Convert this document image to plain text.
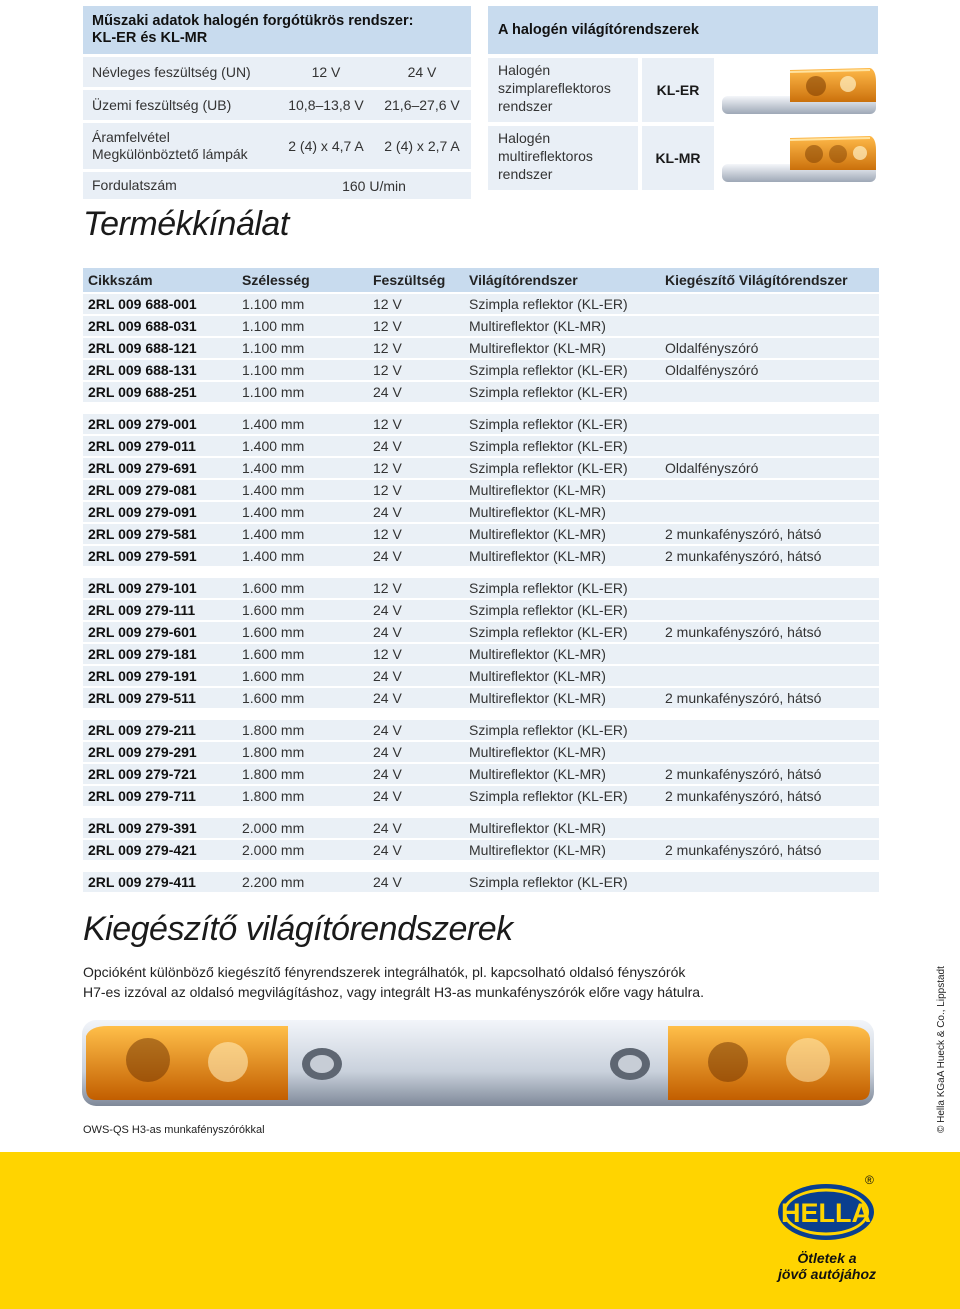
Műszaki adatok halogén forgótükrös rendszer:
KL-ER és KL-MR
Névleges feszültség (UN)	12 V	24 V
Üzemi feszültség (UB)	10,8–13,8 V	21,6–27,6 V
Áramfelvétel
Megkülönböztető lámpák	2 (4) x 4,7 A	2 (4) x 2,7 A
Fordulatszám	160 U/min
A halogén világítórendszerek
Halogén
szimplareflektoros
rendszer
KL-ER
Halogén
multireflektoros
rendszer
KL-MR
Termékkínálat
Cikkszám	Szélesség	Feszültség	Világítórendszer	Kiegészítő Világítórendszer
2RL 009 688-001	1.100 mm	12 V	Szimpla reflektor (KL-ER)
2RL 009 688-031	1.100 mm	12 V	Multireflektor (KL-MR)
2RL 009 688-121	1.100 mm	12 V	Multireflektor (KL-MR)	Oldalfényszóró
2RL 009 688-131	1.100 mm	12 V	Szimpla reflektor (KL-ER)	Oldalfényszóró
2RL 009 688-251	1.100 mm	24 V	Szimpla reflektor (KL-ER)
2RL 009 279-001	1.400 mm	12 V	Szimpla reflektor (KL-ER)
2RL 009 279-011	1.400 mm	24 V	Szimpla reflektor (KL-ER)
2RL 009 279-691	1.400 mm	12 V	Szimpla reflektor (KL-ER)	Oldalfényszóró
2RL 009 279-081	1.400 mm	12 V	Multireflektor (KL-MR)
2RL 009 279-091	1.400 mm	24 V	Multireflektor (KL-MR)
2RL 009 279-581	1.400 mm	12 V	Multireflektor (KL-MR)	2 munkafényszóró, hátsó
2RL 009 279-591	1.400 mm	24 V	Multireflektor (KL-MR)	2 munkafényszóró, hátsó
2RL 009 279-101	1.600 mm	12 V	Szimpla reflektor (KL-ER)
2RL 009 279-111	1.600 mm	24 V	Szimpla reflektor (KL-ER)
2RL 009 279-601	1.600 mm	24 V	Szimpla reflektor (KL-ER)	2 munkafényszóró, hátsó
2RL 009 279-181	1.600 mm	12 V	Multireflektor (KL-MR)
2RL 009 279-191	1.600 mm	24 V	Multireflektor (KL-MR)
2RL 009 279-511	1.600 mm	24 V	Multireflektor (KL-MR)	2 munkafényszóró, hátsó
2RL 009 279-211	1.800 mm	24 V	Szimpla reflektor (KL-ER)
2RL 009 279-291	1.800 mm	24 V	Multireflektor (KL-MR)
2RL 009 279-721	1.800 mm	24 V	Multireflektor (KL-MR)	2 munkafényszóró, hátsó
2RL 009 279-711	1.800 mm	24 V	Szimpla reflektor (KL-ER)	2 munkafényszóró, hátsó
2RL 009 279-391	2.000 mm	24 V	Multireflektor (KL-MR)
2RL 009 279-421	2.000 mm	24 V	Multireflektor (KL-MR)	2 munkafényszóró, hátsó
2RL 009 279-411	2.200 mm	24 V	Szimpla reflektor (KL-ER)
Kiegészítő világítórendszerek
Opcióként különböző kiegészítő fényrendszerek integrálhatók, pl. kapcsolható oldalsó fényszórók
H7-es izzóval az oldalsó megvilágításhoz, vagy integrált H3-as munkafényszórók előre vagy hátulra.
OWS-QS H3-as munkafényszórókkal	© Hella KGaA Hueck & Co., Lippstadt
HELLA
®
Ötletek a
jövő autójához
